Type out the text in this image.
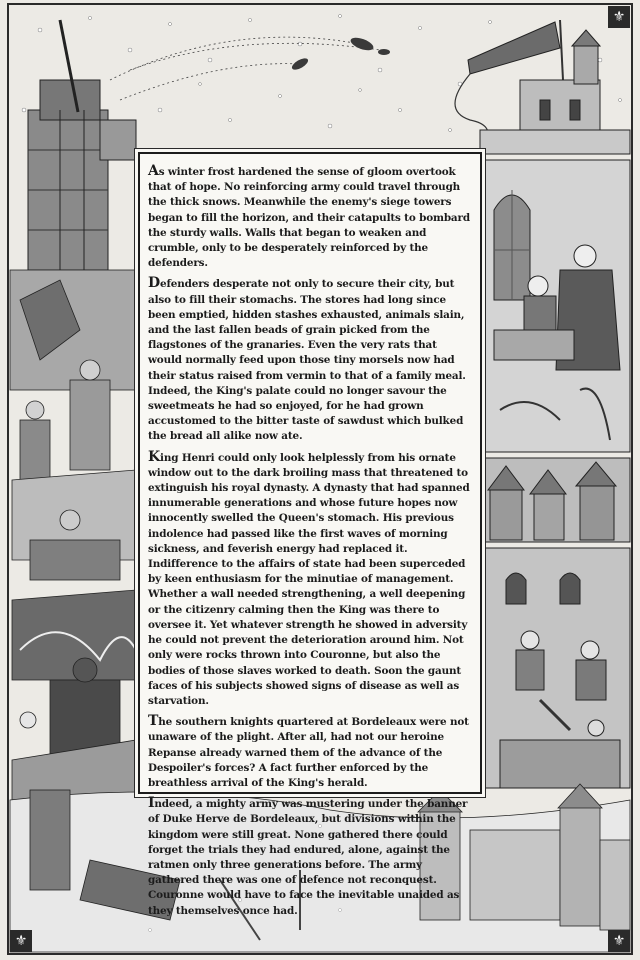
⚜
⚜
⚜

As winter frost hardened the sense of gloom overtook that of hope. No reinforcing army could travel through the thick snows. Meanwhile the enemy's siege towers began to fill the horizon, and their catapults to bombard the sturdy walls. Walls that began to weaken and crumble, only to be desperately reinforced by the defenders.

Defenders desperate not only to secure their city, but also to fill their stomachs. The stores had long since been emptied, hidden stashes exhausted, animals slain, and the last fallen beads of grain picked from the flagstones of the granaries. Even the very rats that would normally feed upon those tiny morsels now had their status raised from vermin to that of a family meal. Indeed, the King's palate could no longer savour the sweetmeats he had so enjoyed, for he had grown accustomed to the bitter taste of sawdust which bulked the bread all alike now ate.

King Henri could only look helplessly from his ornate window out to the dark broiling mass that threatened to extinguish his royal dynasty. A dynasty that had spanned innumerable generations and whose future hopes now innocently swelled the Queen's stomach. His previous indolence had passed like the first waves of morning sickness, and feverish energy had replaced it. Indifference to the affairs of state had been superceded by keen enthusiasm for the minutiae of management. Whether a wall needed strengthening, a well deepening or the citizenry calming then the King was there to oversee it. Yet whatever strength he showed in adversity he could not prevent the deterioration around him. Not only were rocks thrown into Couronne, but also the bodies of those slaves worked to death. Soon the gaunt faces of his subjects showed signs of disease as well as starvation.

The southern knights quartered at Bordeleaux were not unaware of the plight. After all, had not our heroine Repanse already warned them of the advance of the Despoiler's forces? A fact further enforced by the breathless arrival of the King's herald.

Indeed, a mighty army was mustering under the banner of Duke Herve de Bordeleaux, but divisions within the kingdom were still great. None gathered there could forget the trials they had endured, alone, against the ratmen only three generations before. The army gathered there was one of defence not reconquest. Couronne would have to face the inevitable unaided as they themselves once had.
